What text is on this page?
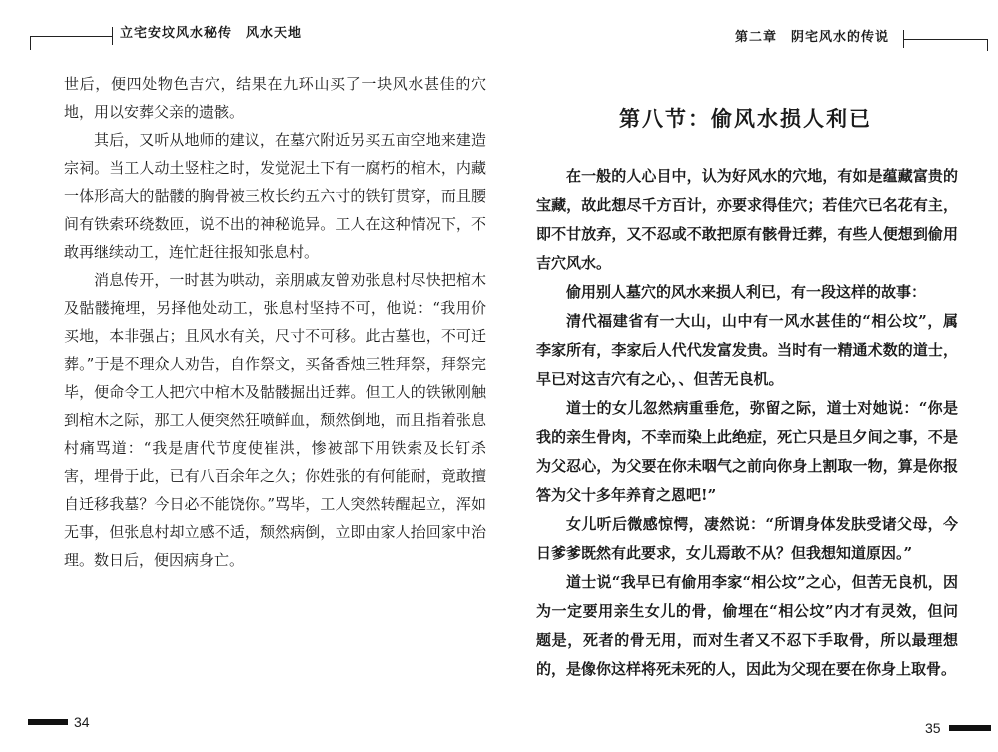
立宅安坟风水秘传　风水天地

世后，便四处物色吉穴，结果在九环山买了一块风水甚佳的穴地，用以安葬父亲的遗骸。

其后，又听从地师的建议，在墓穴附近另买五亩空地来建造宗祠。当工人动土竖柱之时，发觉泥土下有一腐朽的棺木，内藏一体形高大的骷髅的胸骨被三枚长约五六寸的铁钉贯穿，而且腰间有铁索环绕数匝，说不出的神秘诡异。工人在这种情况下，不敢再继续动工，连忙赶往报知张息村。

消息传开，一时甚为哄动，亲朋戚友曾劝张息村尽快把棺木及骷髅掩埋，另择他处动工，张息村坚持不可，他说：“我用价买地，本非强占；且风水有关，尺寸不可移。此古墓也，不可迁葬。”于是不理众人劝告，自作祭文，买备香烛三牲拜祭，拜祭完毕，便命令工人把穴中棺木及骷髅掘出迁葬。但工人的铁锹刚触到棺木之际，那工人便突然狂喷鲜血，颓然倒地，而且指着张息村痛骂道：“我是唐代节度使崔洪，惨被部下用铁索及长钉杀害，埋骨于此，已有八百余年之久；你姓张的有何能耐，竟敢擅自迁移我墓？今日必不能饶你。”骂毕，工人突然转醒起立，浑如无事，但张息村却立感不适，颓然病倒，立即由家人抬回家中治理。数日后，便因病身亡。

34
第二章　阴宅风水的传说
第八节：偷风水损人利已

在一般的人心目中，认为好风水的穴地，有如是蕴藏富贵的宝藏，故此想尽千方百计，亦要求得佳穴；若佳穴已名花有主，即不甘放弃，又不忍或不敢把原有骸骨迁葬，有些人便想到偷用吉穴风水。

偷用别人墓穴的风水来损人利已，有一段这样的故事：

清代福建省有一大山，山中有一风水甚佳的“相公坟”，属李家所有，李家后人代代发富发贵。当时有一精通术数的道士，早已对这吉穴有之心，、但苦无良机。

道士的女儿忽然病重垂危，弥留之际，道士对她说：“你是我的亲生骨肉，不幸而染上此绝症，死亡只是旦夕间之事，不是为父忍心，为父要在你未咽气之前向你身上割取一物，算是你报答为父十多年养育之恩吧!”

女儿听后微感惊愕，凄然说：“所谓身体发肤受诸父母，今日爹爹既然有此要求，女儿焉敢不从？但我想知道原因。”

道士说“我早已有偷用李家“相公坟”之心，但苦无良机，因为一定要用亲生女儿的骨，偷埋在“相公坟”内才有灵效，但问题是，死者的骨无用，而对生者又不忍下手取骨，所以最理想的，是像你这样将死未死的人，因此为父现在要在你身上取骨。

35
